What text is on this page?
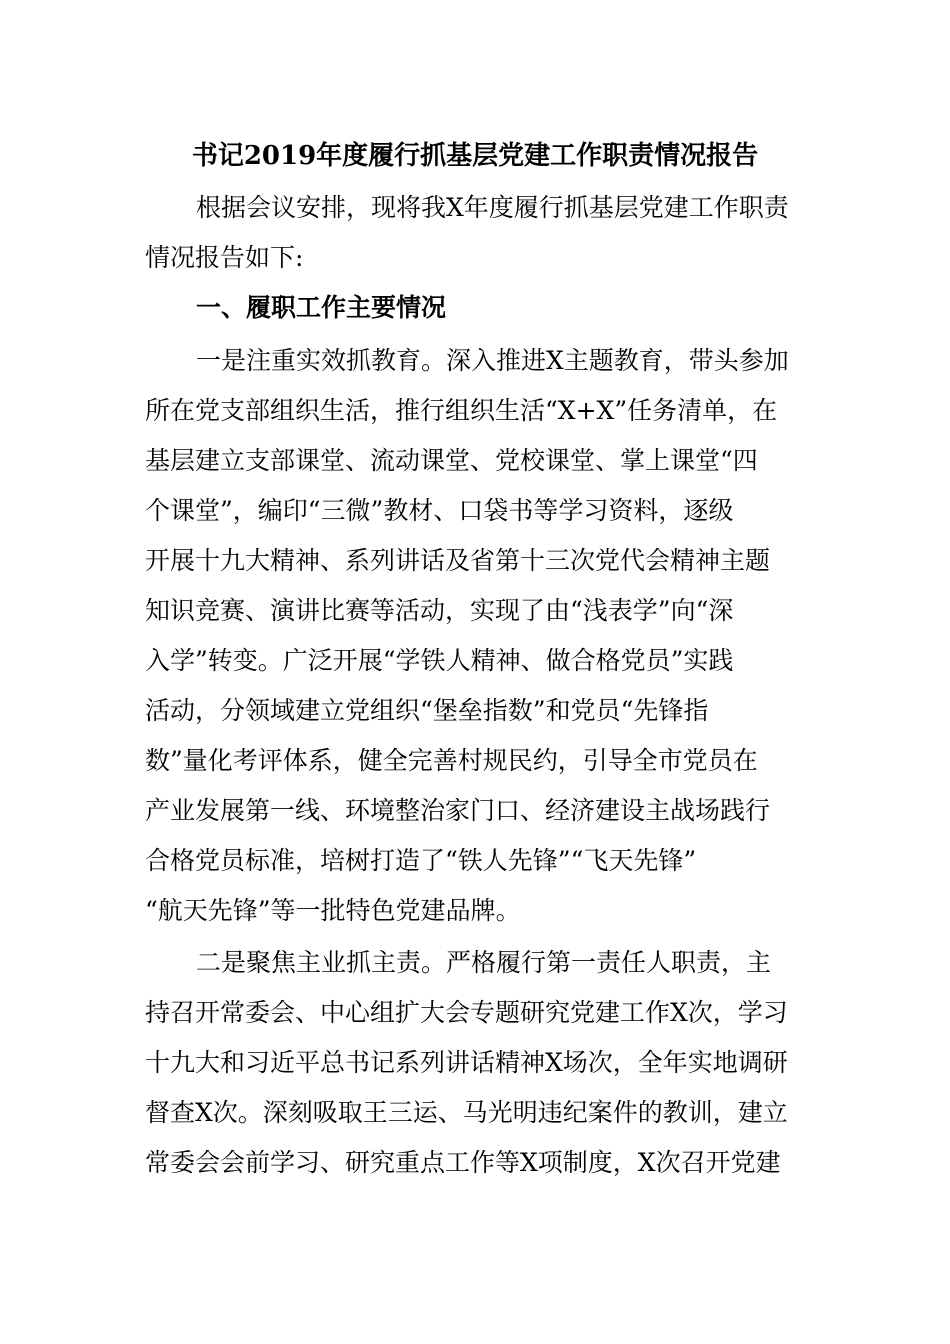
书记2019年度履行抓基层党建工作职责情况报告
根据会议安排，现将我X年度履行抓基层党建工作职责
情况报告如下:
一、履职工作主要情况
一是注重实效抓教育。深入推进X主题教育，带头参加
所在党支部组织生活，推行组织生活“X+X”任务清单，在
基层建立支部课堂、流动课堂、党校课堂、掌上课堂“四
个课堂”，编印“三微”教材、口袋书等学习资料，逐级
开展十九大精神、系列讲话及省第十三次党代会精神主题
知识竞赛、演讲比赛等活动，实现了由“浅表学”向“深
入学”转变。广泛开展“学铁人精神、做合格党员”实践
活动，分领域建立党组织“堡垒指数”和党员“先锋指
数”量化考评体系，健全完善村规民约，引导全市党员在
产业发展第一线、环境整治家门口、经济建设主战场践行
合格党员标准，培树打造了“铁人先锋”“飞天先锋”
“航天先锋”等一批特色党建品牌。
二是聚焦主业抓主责。严格履行第一责任人职责，主
持召开常委会、中心组扩大会专题研究党建工作X次，学习
十九大和习近平总书记系列讲话精神X场次，全年实地调研
督查X次。深刻吸取王三运、马光明违纪案件的教训，建立
常委会会前学习、研究重点工作等X项制度，X次召开党建
